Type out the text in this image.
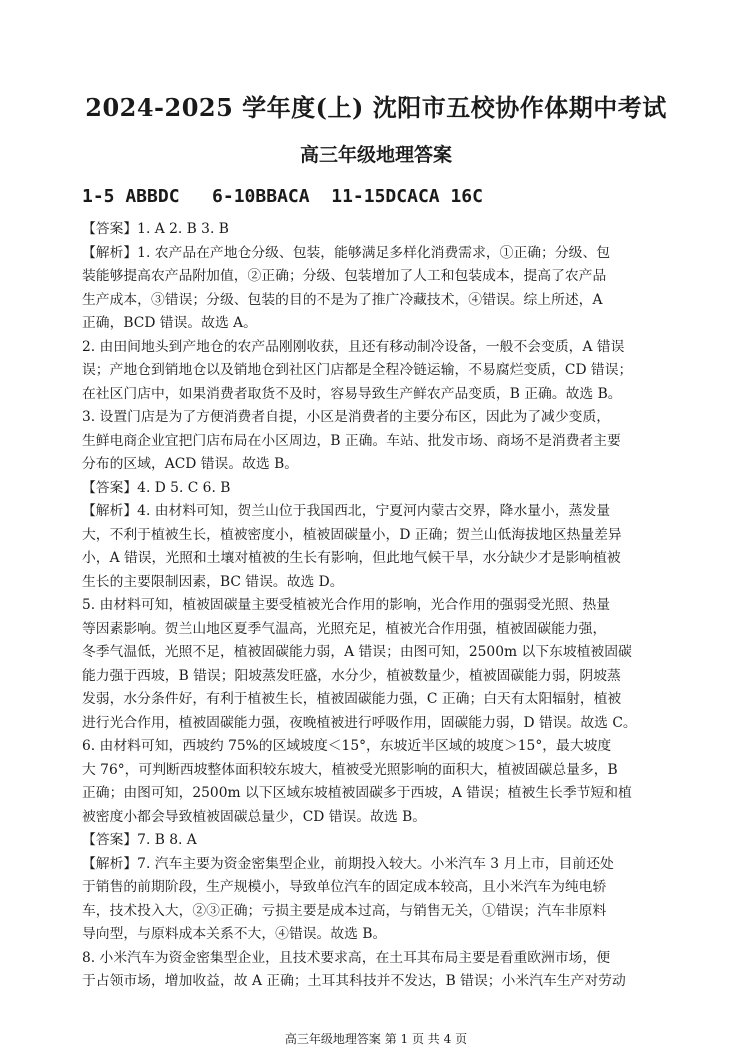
2024-2025 学年度(上) 沈阳市五校协作体期中考试
高三年级地理答案
1-5 ABBDC   6-10BBACA  11-15DCACA 16C
【答案】1. A 2. B 3. B
【解析】1. 农产品在产地仓分级、包装，能够满足多样化消费需求，①正确；分级、包
装能够提高农产品附加值，②正确；分级、包装增加了人工和包装成本，提高了农产品
生产成本，③错误；分级、包装的目的不是为了推广冷藏技术，④错误。综上所述，A
正确，BCD 错误。故选 A。
2. 由田间地头到产地仓的农产品刚刚收获，且还有移动制冷设备，一般不会变质，A 错误
误；产地仓到销地仓以及销地仓到社区门店都是全程冷链运输，不易腐烂变质，CD 错误；
在社区门店中，如果消费者取货不及时，容易导致生产鲜农产品变质，B 正确。故选 B。
3. 设置门店是为了方便消费者自提，小区是消费者的主要分布区，因此为了减少变质，
生鲜电商企业宜把门店布局在小区周边，B 正确。车站、批发市场、商场不是消费者主要
分布的区域，ACD 错误。故选 B。
【答案】4. D 5. C 6. B
【解析】4. 由材料可知，贺兰山位于我国西北，宁夏河内蒙古交界，降水量小，蒸发量
大，不利于植被生长，植被密度小，植被固碳量小，D 正确；贺兰山低海拔地区热量差异
小，A 错误，光照和土壤对植被的生长有影响，但此地气候干旱，水分缺少才是影响植被
生长的主要限制因素，BC 错误。故选 D。
5. 由材料可知，植被固碳量主要受植被光合作用的影响，光合作用的强弱受光照、热量
等因素影响。贺兰山地区夏季气温高，光照充足，植被光合作用强，植被固碳能力强，
冬季气温低，光照不足，植被固碳能力弱，A 错误；由图可知，2500m 以下东坡植被固碳
能力强于西坡，B 错误；阳坡蒸发旺盛，水分少，植被数量少，植被固碳能力弱，阴坡蒸
发弱，水分条件好，有利于植被生长，植被固碳能力强，C 正确；白天有太阳辐射，植被
进行光合作用，植被固碳能力强，夜晚植被进行呼吸作用，固碳能力弱，D 错误。故选 C。
6. 由材料可知，西坡约 75%的区域坡度＜15°，东坡近半区域的坡度＞15°，最大坡度
大 76°，可判断西坡整体面积较东坡大，植被受光照影响的面积大，植被固碳总量多，B
正确；由图可知，2500m 以下区域东坡植被固碳多于西坡，A 错误；植被生长季节短和植
被密度小都会导致植被固碳总量少，CD 错误。故选 B。
【答案】7. B 8. A
【解析】7. 汽车主要为资金密集型企业，前期投入较大。小米汽车 3 月上市，目前还处
于销售的前期阶段，生产规模小，导致单位汽车的固定成本较高，且小米汽车为纯电轿
车，技术投入大，②③正确；亏损主要是成本过高，与销售无关，①错误；汽车非原料
导向型，与原料成本关系不大，④错误。故选 B。
8. 小米汽车为资金密集型企业，且技术要求高，在土耳其布局主要是看重欧洲市场，便
于占领市场，增加收益，故 A 正确；土耳其科技并不发达，B 错误；小米汽车生产对劳动
高三年级地理答案 第 1 页 共 4 页
